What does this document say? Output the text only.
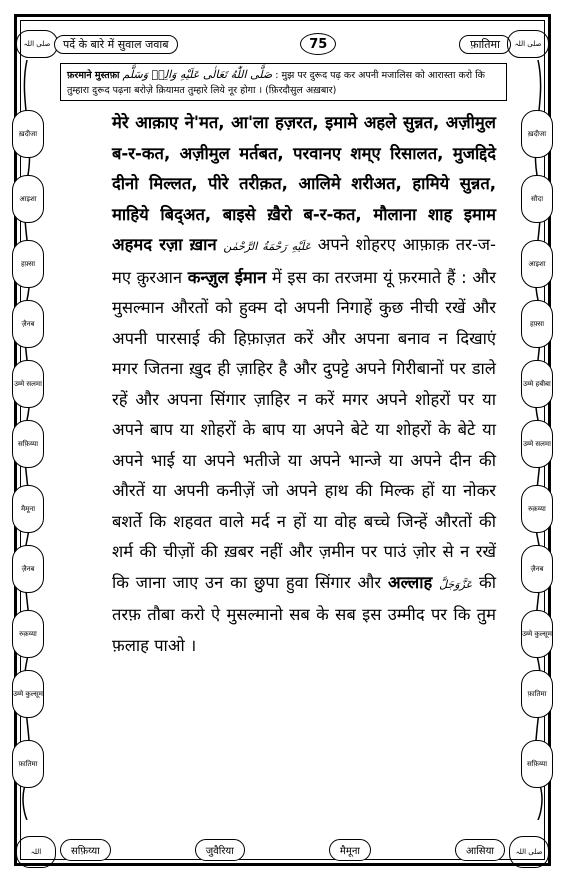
صلی اللہ	صلی اللہ
पर्दे के बारे में सुवाल जवाब	75	फ़ातिमा
फ़रमाने मुस्तफ़ा صَلَّى اللّٰهُ تَعَالٰى عَلَيْهِ وَالِهٖ وَسَلَّم : मुझ पर दुरूद पढ़ कर अपनी मजालिस को आरास्ता करो कि तुम्हारा दुरूद पढ़ना बरोज़े क़ियामत तुम्हारे लिये नूर होगा । (फ़िरदौसुल अख़बार)
ख़दीजा
आइशा
हफ़्सा
ज़ैनब
उम्मे सलमा
सफ़िय्या
मैमूना
ज़ैनब
रुक़य्या
उम्मे कुल्सूम
फ़ातिमा
ख़दीजा
सौदा
आइशा
हफ़्सा
उम्मे हबीबा
उम्मे सलमा
रुक़य्या
ज़ैनब
उम्मे कुल्सूम
फ़ातिमा
सफ़िय्या

मेरे आक़ाए ने'मत, आ'ला हज़रत, इमामे अहले सुन्नत, अज़ीमुल ब-र-कत, अज़ीमुल मर्तबत, परवानए शम्ए रिसालत, मुजद्दिदे दीनो मिल्लत, पीरे तरीक़त, आलिमे शरीअत, हामिये सुन्नत, माहिये बिद्अत, बाइसे ख़ैरो ब-र-कत, मौलाना शाह इमाम अहमद रज़ा ख़ान عَلَيْهِ رَحْمَةُ الرَّحْمٰن अपने शोहरए आफ़ाक़ तर-ज-मए क़ुरआन कन्ज़ुल ईमान में इस का तरजमा यूं फ़रमाते हैं : और मुसल्मान औरतों को हुक्म दो अपनी निगाहें कुछ नीची रखें और अपनी पारसाई की हिफ़ाज़त करें और अपना बनाव न दिखाएं मगर जितना ख़ुद ही ज़ाहिर है और दुपट्टे अपने गिरीबानों पर डाले रहें और अपना सिंगार ज़ाहिर न करें मगर अपने शोहरों पर या अपने बाप या शोहरों के बाप या अपने बेटे या शोहरों के बेटे या अपने भाई या अपने भतीजे या अपने भान्जे या अपने दीन की औरतें या अपनी कनीज़ें जो अपने हाथ की मिल्क हों या नोकर बशर्ते कि शहवत वाले मर्द न हों या वोह बच्चे जिन्हें औरतों की शर्म की चीज़ों की ख़बर नहीं और ज़मीन पर पाउं ज़ोर से न रखें कि जाना जाए उन का छुपा हुवा सिंगार और अल्लाह عَزَّوَجَلَّ की तरफ़ तौबा करो ऐ मुसल्मानो सब के सब इस उम्मीद पर कि तुम फ़लाह पाओ ।

اللہ	صلی اللہ
सफ़िय्या	जुवैरिया	मैमूना	आसिया
